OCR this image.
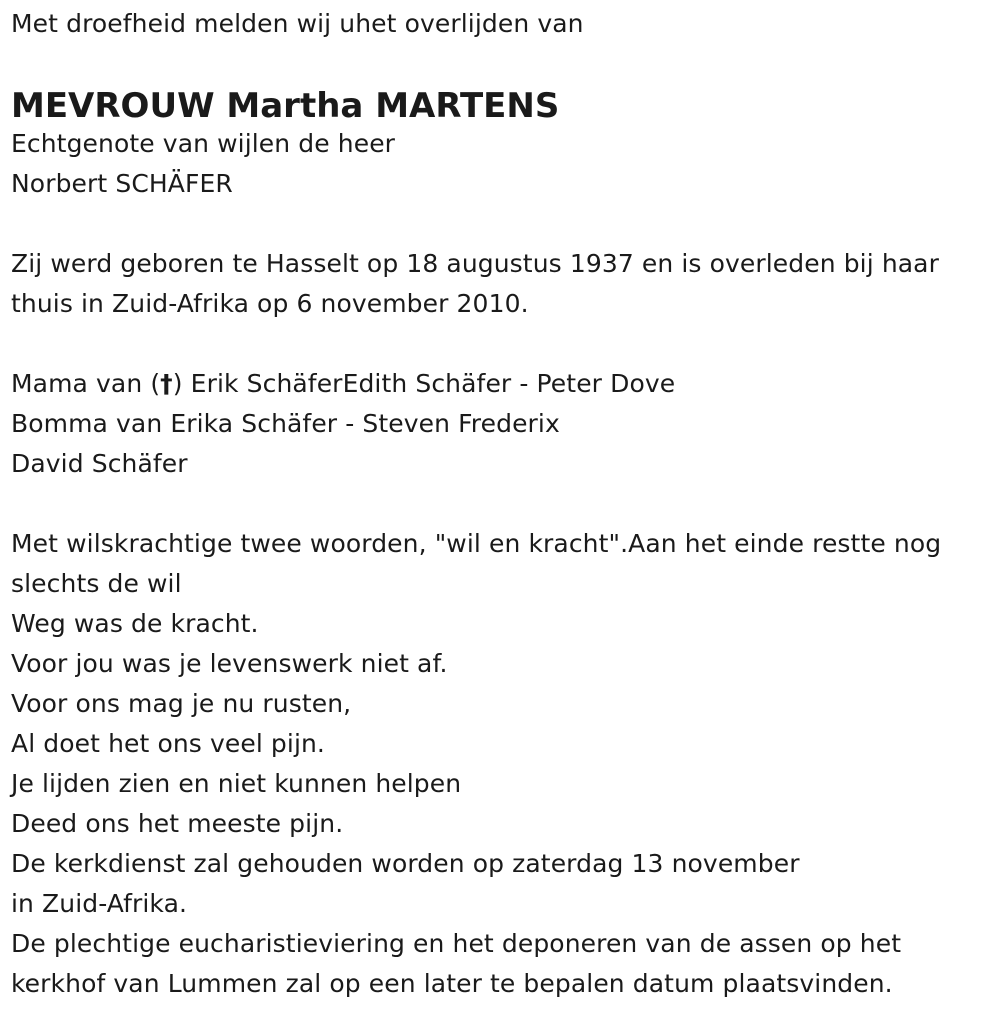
Met droefheid melden wij uhet overlijden van
MEVROUW Martha MARTENS
Echtgenote van wijlen de heer
Norbert SCHÄFER
Zij werd geboren te Hasselt op 18 augustus 1937 en is overleden bij haar
thuis in Zuid-Afrika op 6 november 2010.
Mama van (†) Erik SchäferEdith Schäfer - Peter Dove
Bomma van Erika Schäfer - Steven Frederix
David Schäfer
Met wilskrachtige twee woorden, "wil en kracht".Aan het einde restte nog
slechts de wil
Weg was de kracht.
Voor jou was je levenswerk niet af.
Voor ons mag je nu rusten,
Al doet het ons veel pijn.
Je lijden zien en niet kunnen helpen
Deed ons het meeste pijn.
De kerkdienst zal gehouden worden op zaterdag 13 november
in Zuid-Afrika.
De plechtige eucharistieviering en het deponeren van de assen op het
kerkhof van Lummen zal op een later te bepalen datum plaatsvinden.
